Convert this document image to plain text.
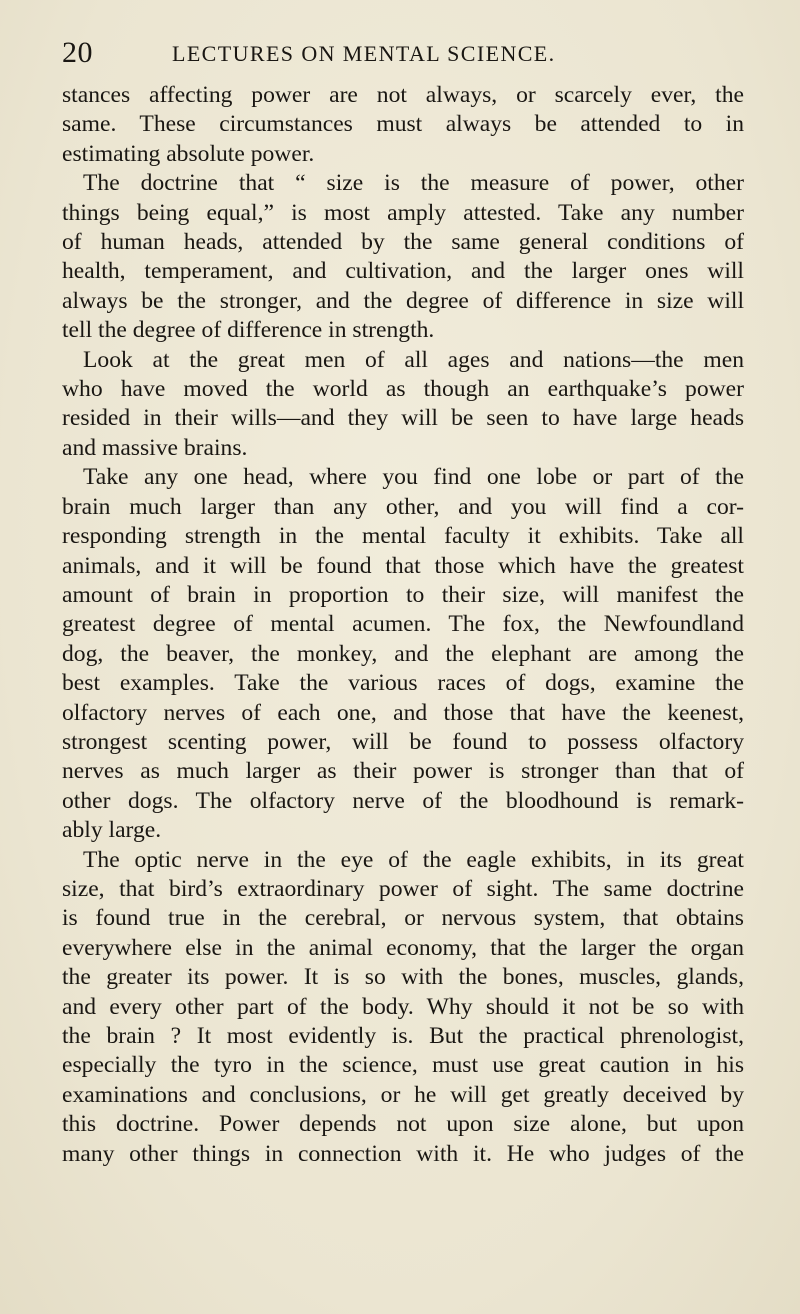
20	LECTURES ON MENTAL SCIENCE.
stances affecting power are not always, or scarcely ever, the
same. These circumstances must always be attended to in
estimating absolute power.
The doctrine that “ size is the measure of power, other
things being equal,” is most amply attested. Take any number
of human heads, attended by the same general conditions of
health, temperament, and cultivation, and the larger ones will
always be the stronger, and the degree of difference in size will
tell the degree of difference in strength.
Look at the great men of all ages and nations—the men
who have moved the world as though an earthquake’s power
resided in their wills—and they will be seen to have large heads
and massive brains.
Take any one head, where you find one lobe or part of the
brain much larger than any other, and you will find a cor-
responding strength in the mental faculty it exhibits. Take all
animals, and it will be found that those which have the greatest
amount of brain in proportion to their size, will manifest the
greatest degree of mental acumen. The fox, the Newfoundland
dog, the beaver, the monkey, and the elephant are among the
best examples. Take the various races of dogs, examine the
olfactory nerves of each one, and those that have the keenest,
strongest scenting power, will be found to possess olfactory
nerves as much larger as their power is stronger than that of
other dogs. The olfactory nerve of the bloodhound is remark-
ably large.
The optic nerve in the eye of the eagle exhibits, in its great
size, that bird’s extraordinary power of sight. The same doctrine
is found true in the cerebral, or nervous system, that obtains
everywhere else in the animal economy, that the larger the organ
the greater its power. It is so with the bones, muscles, glands,
and every other part of the body. Why should it not be so with
the brain ? It most evidently is. But the practical phrenologist,
especially the tyro in the science, must use great caution in his
examinations and conclusions, or he will get greatly deceived by
this doctrine. Power depends not upon size alone, but upon
many other things in connection with it. He who judges of the
